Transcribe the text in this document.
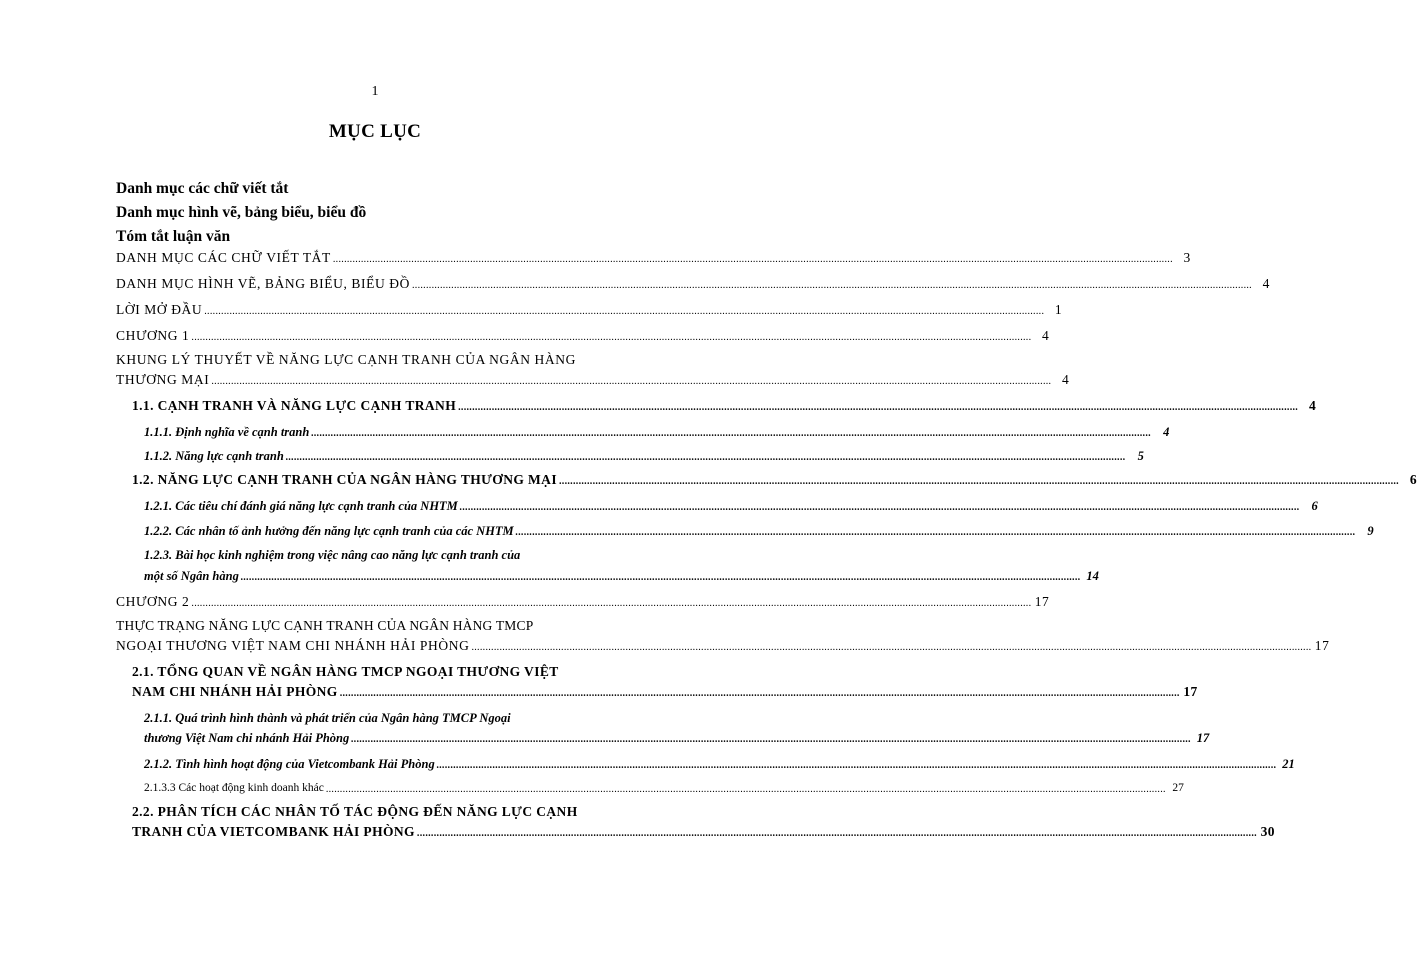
1
MỤC LỤC
Danh mục các chữ viết tắt
Danh mục hình vẽ, bảng biểu, biểu đồ
Tóm tắt luận văn
DANH MỤC CÁC CHỮ VIẾT TẮT ............................................................................................................................................................................................................................................................................................................ 3
DANH MỤC HÌNH VẼ, BẢNG BIỂU, BIỂU ĐỒ ............................................................................................................................................................................................................................................................................................................ 4
LỜI MỞ ĐẦU ............................................................................................................................................................................................................................................................................................................ 1
CHƯƠNG 1 ............................................................................................................................................................................................................................................................................................................ 4
KHUNG LÝ THUYẾT VỀ NĂNG LỰC CẠNH TRANH CỦA NGÂN HÀNG
THƯƠNG MẠI ............................................................................................................................................................................................................................................................................................................ 4
1.1. CẠNH TRANH VÀ NĂNG LỰC CẠNH TRANH ............................................................................................................................................................................................................................................................................................................ 4
1.1.1. Định nghĩa về cạnh tranh ............................................................................................................................................................................................................................................................................................................ 4
1.1.2. Năng lực cạnh tranh ............................................................................................................................................................................................................................................................................................................ 5
1.2. NĂNG LỰC CẠNH TRANH CỦA NGÂN HÀNG THƯƠNG MẠI ............................................................................................................................................................................................................................................................................................................ 6
1.2.1. Các tiêu chí đánh giá năng lực cạnh tranh của NHTM ............................................................................................................................................................................................................................................................................................................ 6
1.2.2. Các nhân tố ảnh hưởng đến năng lực cạnh tranh của các NHTM ............................................................................................................................................................................................................................................................................................................ 9
1.2.3. Bài học kinh nghiệm trong việc nâng cao năng lực cạnh tranh của
một số Ngân hàng ............................................................................................................................................................................................................................................................................................................ 14
CHƯƠNG 2 ............................................................................................................................................................................................................................................................................................................ 17
THỰC TRẠNG NĂNG LỰC CẠNH TRANH CỦA NGÂN HÀNG TMCP
NGOẠI THƯƠNG VIỆT NAM CHI NHÁNH HẢI PHÒNG ............................................................................................................................................................................................................................................................................................................ 17
2.1. TỔNG QUAN VỀ NGÂN HÀNG TMCP NGOẠI THƯƠNG VIỆT
NAM CHI NHÁNH HẢI PHÒNG ............................................................................................................................................................................................................................................................................................................ 17
2.1.1. Quá trình hình thành và phát triển của Ngân hàng TMCP Ngoại
thương Việt Nam chi nhánh Hải Phòng ............................................................................................................................................................................................................................................................................................................ 17
2.1.2. Tình hình hoạt động của Vietcombank Hải Phòng ............................................................................................................................................................................................................................................................................................................ 21
2.1.3.3 Các hoạt động kinh doanh khác ............................................................................................................................................................................................................................................................................................................ 27
2.2. PHÂN TÍCH CÁC NHÂN TỐ TÁC ĐỘNG ĐẾN NĂNG LỰC CẠNH
TRANH CỦA VIETCOMBANK HẢI PHÒNG ............................................................................................................................................................................................................................................................................................................ 30
